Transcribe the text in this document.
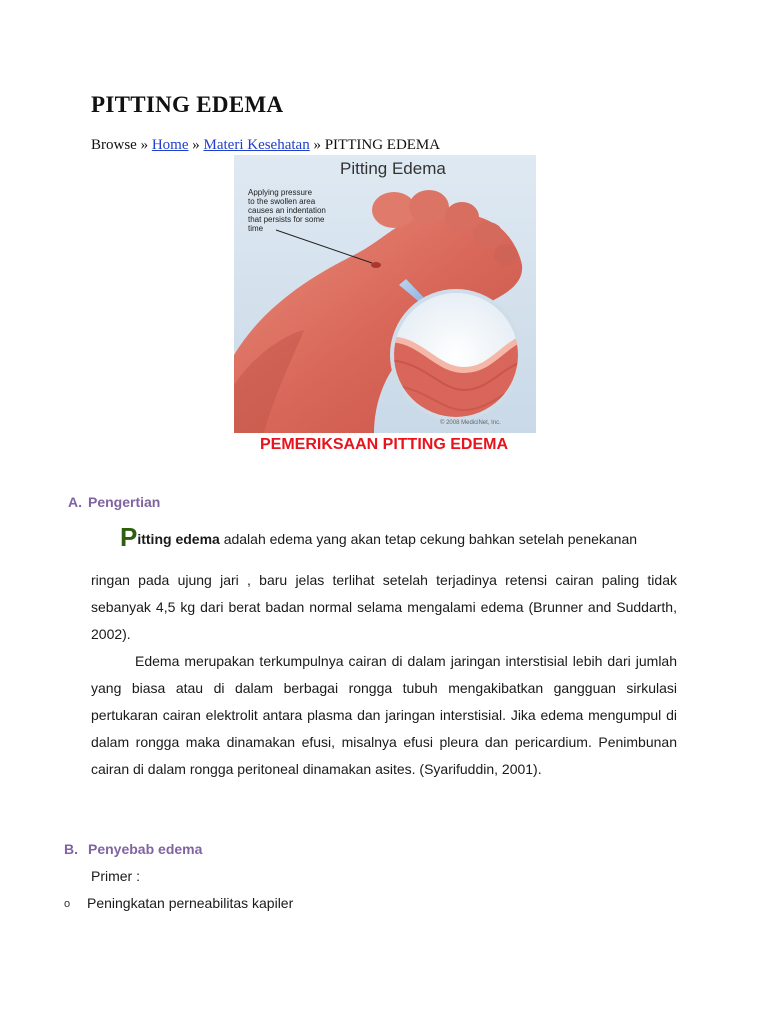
PITTING EDEMA
Browse » Home » Materi Kesehatan » PITTING EDEMA
Pitting Edema
Applying pressure
to the swollen area
causes an indentation
that persists for some
time
© 2008 MediciNet, Inc.
PEMERIKSAAN PITTING EDEMA
A. Pengertian
Pitting edema adalah edema yang akan tetap cekung bahkan setelah penekanan
ringan pada ujung jari , baru jelas terlihat setelah terjadinya retensi cairan paling tidak sebanyak 4,5 kg dari berat badan normal selama mengalami edema (Brunner and Suddarth, 2002).
Edema merupakan terkumpulnya cairan di dalam jaringan interstisial lebih dari jumlah yang biasa atau di dalam berbagai rongga tubuh mengakibatkan gangguan sirkulasi pertukaran cairan elektrolit antara plasma dan jaringan interstisial. Jika edema mengumpul di dalam rongga maka dinamakan efusi, misalnya efusi pleura dan pericardium. Penimbunan cairan di dalam rongga peritoneal dinamakan asites. (Syarifuddin, 2001).
B. Penyebab edema
Primer :
o Peningkatan perneabilitas kapiler
